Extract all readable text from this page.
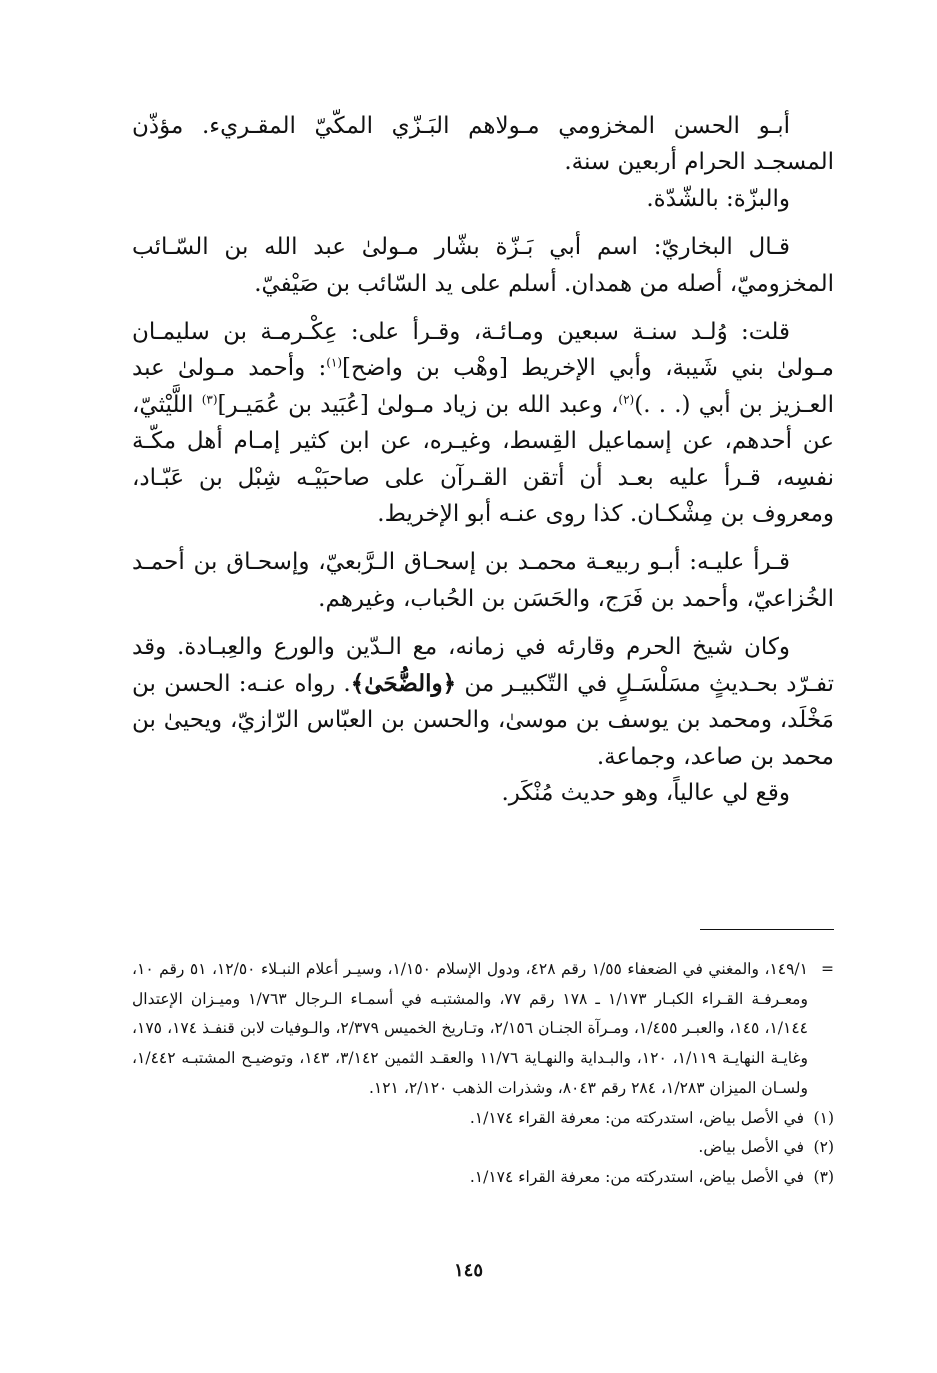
أبـو الحسن المخزومي مـولاهم البَـزّي المكّيّ المقـريء. مؤذّن المسجـد الحرام أربعين سنة.

والبزّة: بالشّدّة.

قـال البخاريّ: اسم أبي بَـزّة بشّار مـولىٰ عبد الله بن السّـائب المخزوميّ، أصله من همدان. أسلم على يد السّائب بن صَيْفيّ.

قلت: وُلـد سنـة سبعين ومـائـة، وقـرأ على: عِكْـرمـة بن سليمـان مـولىٰ بني شَيبة، وأبي الإخريط [وهْب بن واضح]$^{(١)}$: وأحمد مـولىٰ عبد العـزيز بن أبي (. . .)$^{(٢)}$، وعبد الله بن زياد مـولىٰ [عُبَيد بن عُمَيـر]$^{(٣)}$ اللَّيْثيّ، عن أحدهم، عن إسماعيل القِسط، وغيـره، عن ابن كثير إمـام أهل مكّـة نفسِه، قـرأ عليه بعـد أن أتقن القـرآن على صاحبَيْـه شِبْل بن عَبّـاد، ومعروف بن مِشْكـان. كذا روى عنـه أبو الإخريط.

قـرأ عليـه: أبـو ربيعـة محمـد بن إسحـاق الـرَّبعيّ، وإسحـاق بن أحمـد الخُزاعيّ، وأحمد بن فَرَج، والحَسَن بن الحُباب، وغيرهم.

وكان شيخ الحرم وقارئه في زمانه، مع الـدّين والورع والعِبـادة. وقد تفـرّد بحـديثٍ مسَلْسَـلٍ في التّكبيـر من ﴿والضُّحَىٰ﴾. رواه عنـه: الحسن بن مَخْلَد، ومحمد بن يوسف بن موسىٰ، والحسن بن العبّاس الرّازيّ، ويحيىٰ بن محمد بن صاعد، وجماعة.

وقع لي عالياً، وهو حديث مُنْكَر.

=
١٤٩/١، والمغني في الضعفاء ١/٥٥ رقم ٤٢٨، ودول الإسلام ١/١٥٠، وسيـر أعلام النبـلاء ١٢/٥٠، ٥١ رقم ١٠، ومعـرفـة القـراء الكبـار ١/١٧٣ ـ ١٧٨ رقم ٧٧، والمشتبـه في أسمـاء الـرجال ١/٧٦٣ وميـزان الإعتدال ١/١٤٤، ١٤٥، والعبـر ١/٤٥٥، ومـرآة الجنـان ٢/١٥٦، وتـاريخ الخميس ٢/٣٧٩، والـوفيات لابن قنفـذ ١٧٤، ١٧٥، وغايـة النهايـة ١/١١٩، ١٢٠، والبـداية والنهـاية ١١/٧٦ والعقـد الثمين ٣/١٤٢، ١٤٣، وتوضيـح المشتبـه ١/٤٤٢، ولسـان الميزان ١/٢٨٣، ٢٨٤ رقم ٨٠٤٣، وشذرات الذهب ٢/١٢٠، ١٢١.
(١)
في الأصل بياض، استدركته من: معرفة القراء ١/١٧٤.
(٢)
في الأصل بياض.
(٣)
في الأصل بياض، استدركته من: معرفة القراء ١/١٧٤.
١٤٥
